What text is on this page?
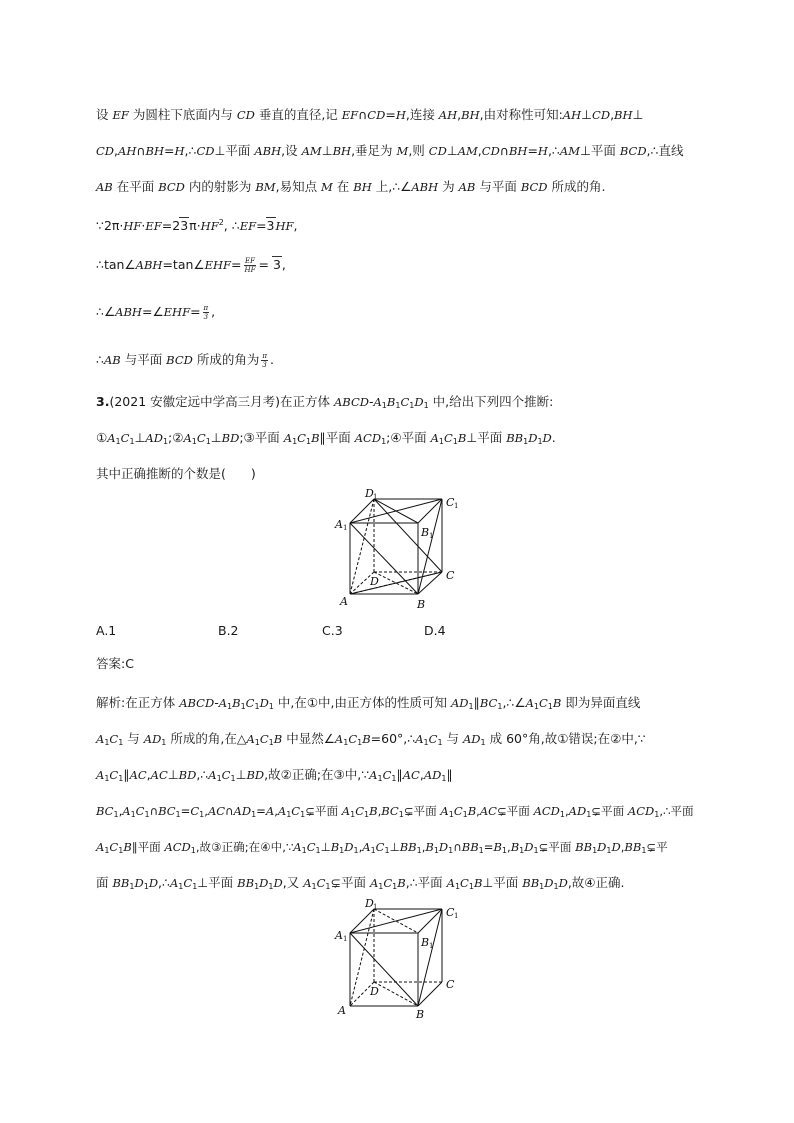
设 EF 为圆柱下底面内与 CD 垂直的直径,记 EF∩CD=H,连接 AH,BH,由对称性可知:AH⊥CD,BH⊥
CD,AH∩BH=H,∴CD⊥平面 ABH,设 AM⊥BH,垂足为 M,则 CD⊥AM,CD∩BH=H,∴AM⊥平面 BCD,∴直线
AB 在平面 BCD 内的射影为 BM,易知点 M 在 BH 上,∴∠ABH 为 AB 与平面 BCD 所成的角.
$\because 2\pi\cdot HF\cdot EF=23\pi\cdot HF^2$, ∴EF=3HF,
∴tan∠ABH=tan∠EHF= $\frac{EF}{HF} = 3$,
∴∠ABH=∠EHF= $\frac{\pi}{3}$ ,
∴AB 与平面 BCD 所成的角为 $\frac{\pi}{3}$ .
3.(2021 安徽定远中学高三月考)在正方体 ABCD-$A_1B_1C_1D_1$ 中,给出下列四个推断:
$①A_1C_1\perp AD_1;②A_1C_1\perp BD;③$平面 $A_1C_1B\parallel$平面 $ACD_1;④$平面 $A_1C_1B\perp$平面 $BB_1D_1D$.
其中正确推断的个数是(　　)
D 1	C 1
A 1	B 1
D	C
A	B
A.1	B.2	C.3	D.4
答案:C
解析:在正方体 ABCD-$A_1B_1C_1D_1$ 中,在①中,由正方体的性质可知 $AD_1\parallel BC_1,\therefore\angle A_1C_1B$ 即为异面直线
$A_1C_1$ 与 $AD_1$ 所成的角,在$\triangle A_1C_1B$ 中显然$\angle A_1C_1B=60^\circ,\therefore A_1C_1$ 与 $AD_1$ 成 60°角,故①错误;在②中,∵
$A_1C_1\parallel AC,AC\perp BD,\therefore A_1C_1\perp BD$,故②正确;在③中$,\because A_1C_1\parallel AC,AD_1\parallel$
$BC_1,A_1C_1\cap BC_1=C_1,AC\cap AD_1=A,A_1C_1⊊$平面 $A_1C_1B,BC_1⊊$平面 $A_1C_1B,AC⊊$平面 $ACD_1,AD_1⊊$平面 $ACD_1,\therefore$平面
$A_1C_1B\parallel$平面 $ACD_1$,故③正确;在④中$,\because A_1C_1\perp B_1D_1,A_1C_1\perp BB_1,B_1D_1\cap BB_1=B_1,B_1D_1⊊$平面 $BB_1D_1D,BB_1⊊$平
面 $BB_1D_1D,\therefore A_1C_1\perp$平面 $BB_1D_1D$,又 $A_1C_1⊊$平面 $A_1C_1B,\therefore$平面 $A_1C_1B\perp$平面 $BB_1D_1D$,故④正确.
D 1	C 1
A 1	B 1
D
C
A	B
